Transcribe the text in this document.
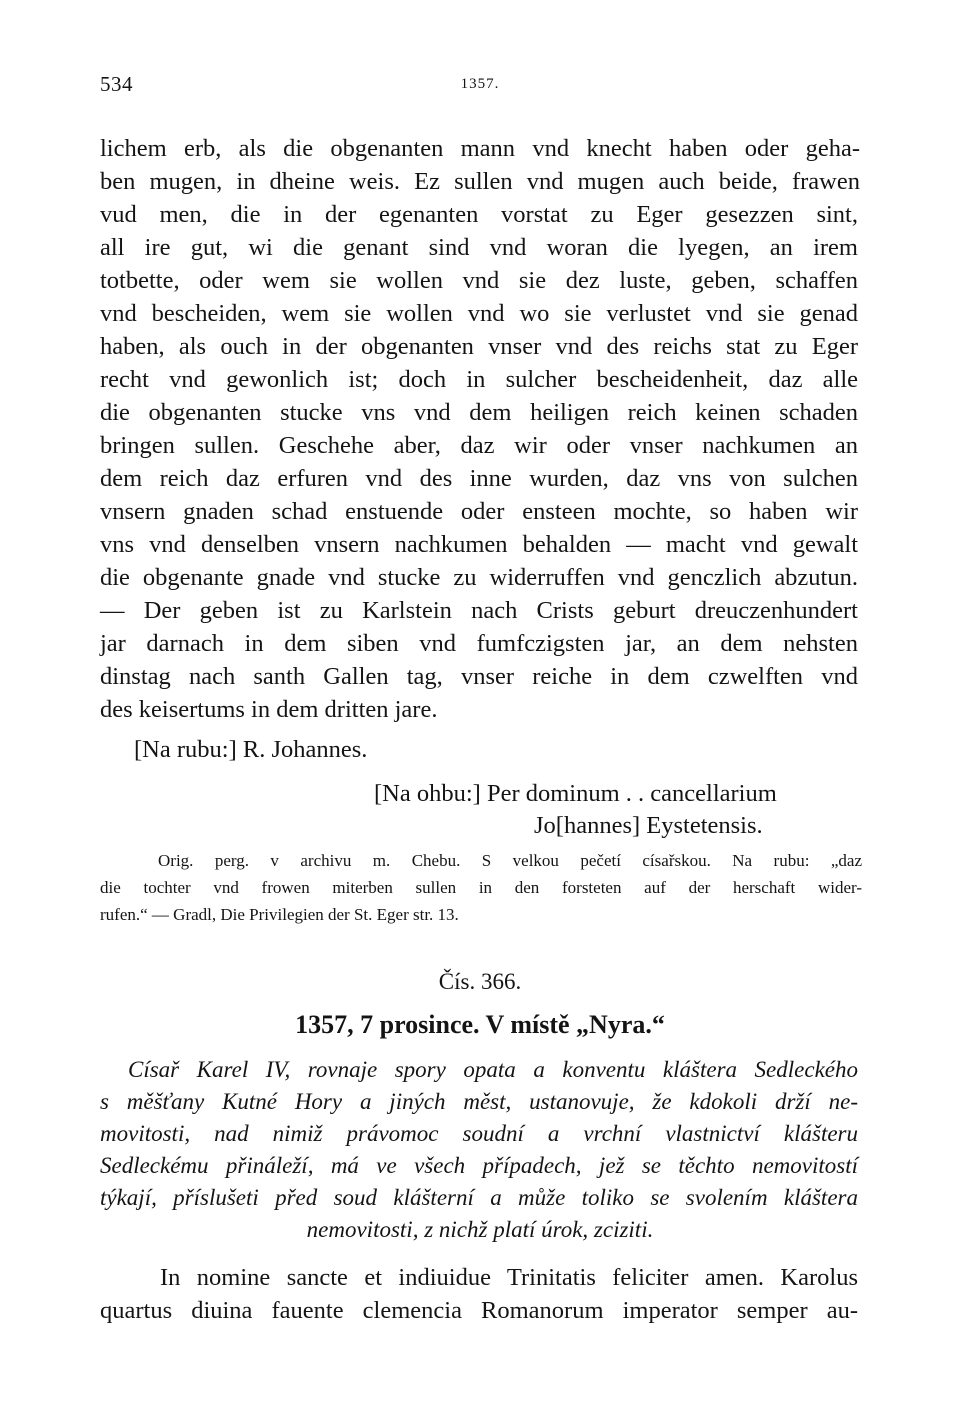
534	1357.
lichem erb, als die obgenanten mann vnd knecht haben oder geha-
ben mugen, in dheine weis. Ez sullen vnd mugen auch beide, frawen
vud men, die in der egenanten vorstat zu Eger gesezzen sint,
all ire gut, wi die genant sind vnd woran die lyegen, an irem
totbette, oder wem sie wollen vnd sie dez luste, geben, schaffen
vnd bescheiden, wem sie wollen vnd wo sie verlustet vnd sie genad
haben, als ouch in der obgenanten vnser vnd des reichs stat zu Eger
recht vnd gewonlich ist; doch in sulcher bescheidenheit, daz alle
die obgenanten stucke vns vnd dem heiligen reich keinen schaden
bringen sullen. Geschehe aber, daz wir oder vnser nachkumen an
dem reich daz erfuren vnd des inne wurden, daz vns von sulchen
vnsern gnaden schad enstuende oder ensteen mochte, so haben wir
vns vnd denselben vnsern nachkumen behalden — macht vnd gewalt
die obgenante gnade vnd stucke zu widerruffen vnd genczlich abzutun.
— Der geben ist zu Karlstein nach Crists geburt dreuczenhundert
jar darnach in dem siben vnd fumfczigsten jar, an dem nehsten
dinstag nach santh Gallen tag, vnser reiche in dem czwelften vnd
des keisertums in dem dritten jare.
[Na rubu:] R. Johannes.
[Na ohbu:] Per dominum . . cancellarium
Jo[hannes] Eystetensis.
Orig. perg. v archivu m. Chebu. S velkou pečetí císařskou. Na rubu: „daz
die tochter vnd frowen miterben sullen in den forsteten auf der herschaft wider-
rufen.“ — Gradl, Die Privilegien der St. Eger str. 13.
Čís. 366.
1357, 7 prosince. V místě „Nyra.“
Císař Karel IV, rovnaje spory opata a konventu kláštera Sedleckého
s měšťany Kutné Hory a jiných měst, ustanovuje, že kdokoli drží ne-
movitosti, nad nimiž právomoc soudní a vrchní vlastnictví klášteru
Sedleckému přináleží, má ve všech případech, jež se těchto nemovitostí
týkají, příslušeti před soud klášterní a může toliko se svolením kláštera
nemovitosti, z nichž platí úrok, zciziti.
In nomine sancte et indiuidue Trinitatis feliciter amen. Karolus
quartus diuina fauente clemencia Romanorum imperator semper au-
